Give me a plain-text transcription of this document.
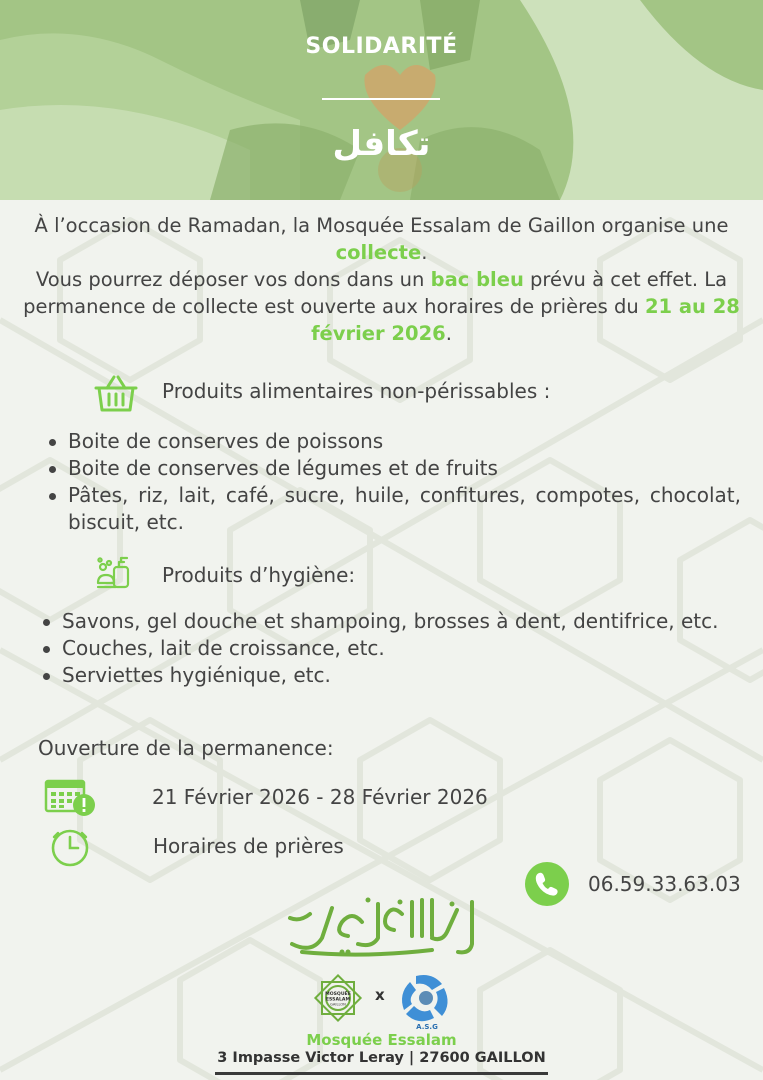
SOLIDARITÉ
تكافل
À l’occasion de Ramadan, la Mosquée Essalam de Gaillon organise une collecte.
Vous pourrez déposer vos dons dans un bac bleu prévu à cet effet. La permanence de collecte est ouverte aux horaires de prières du 21 au 28 février 2026.
Produits alimentaires non-périssables :
Boite de conserves de poissons
Boite de conserves de légumes et de fruits
Pâtes, riz, lait, café, sucre, huile, confitures, compotes, chocolat, biscuit, etc.
Produits d’hygiène:
Savons, gel douche et shampoing, brosses à dent, dentifrice, etc.
Couches, lait de croissance, etc.
Serviettes hygiénique, etc.
Ouverture de la permanence:
21 Février 2026 - 28 Février 2026
Horaires de prières
06.59.33.63.03
MOSQUÉE
ESSALAM
GAILLON
x
A.S.G
Mosquée Essalam
3 Impasse Victor Leray | 27600 GAILLON
